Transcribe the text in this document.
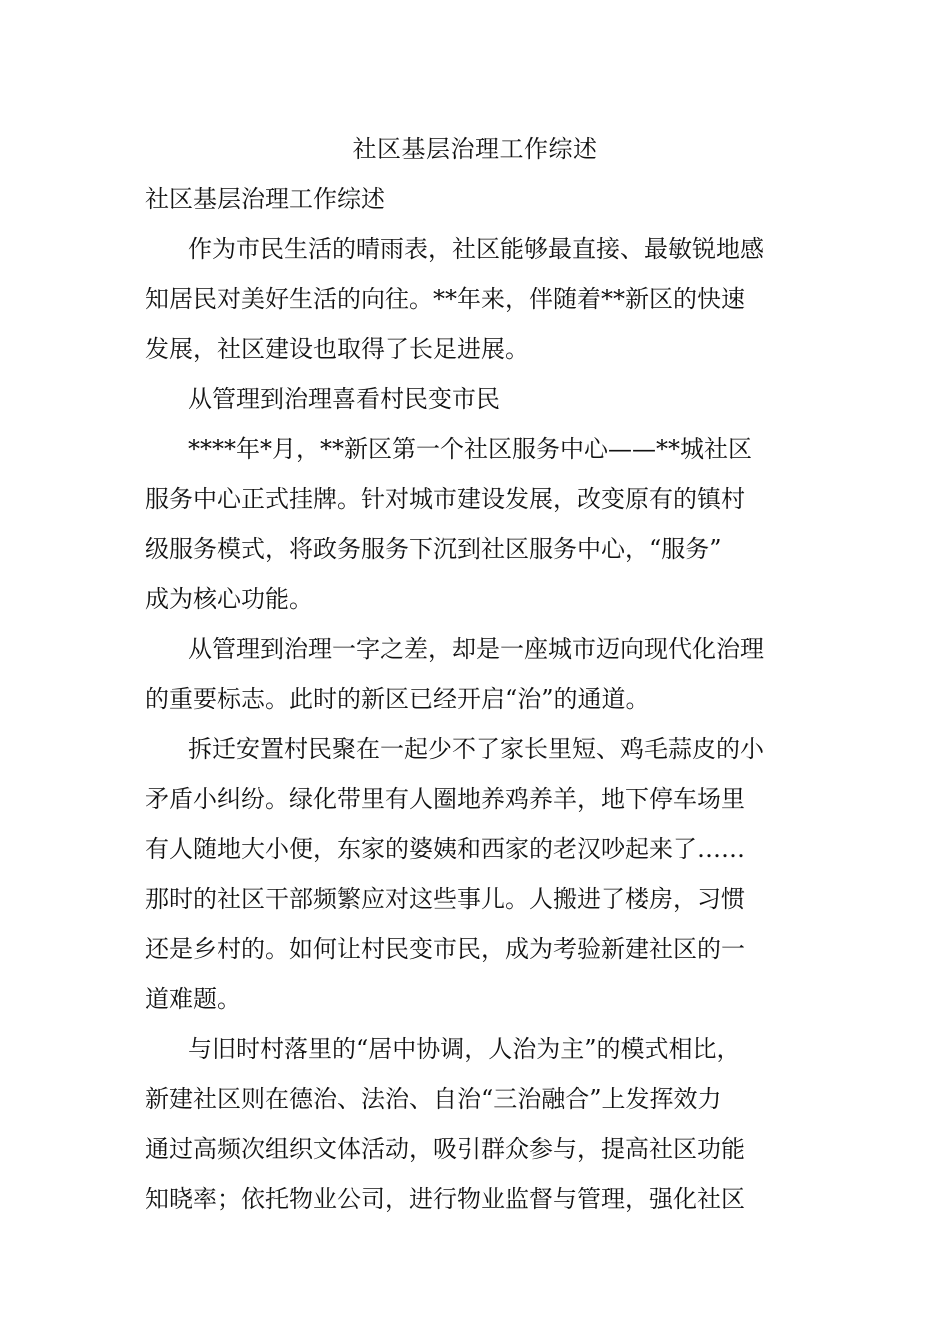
社区基层治理工作综述
社区基层治理工作综述
作为市民生活的晴雨表，社区能够最直接、最敏锐地感
知居民对美好生活的向往。**年来，伴随着**新区的快速
发展，社区建设也取得了长足进展。
从管理到治理喜看村民变市民
****年*月，**新区第一个社区服务中心——**城社区
服务中心正式挂牌。针对城市建设发展，改变原有的镇村
级服务模式，将政务服务下沉到社区服务中心，“服务”
成为核心功能。
从管理到治理一字之差，却是一座城市迈向现代化治理
的重要标志。此时的新区已经开启“治”的通道。
拆迁安置村民聚在一起少不了家长里短、鸡毛蒜皮的小
矛盾小纠纷。绿化带里有人圈地养鸡养羊，地下停车场里
有人随地大小便，东家的婆姨和西家的老汉吵起来了……
那时的社区干部频繁应对这些事儿。人搬进了楼房，习惯
还是乡村的。如何让村民变市民，成为考验新建社区的一
道难题。
与旧时村落里的“居中协调，人治为主”的模式相比，
新建社区则在德治、法治、自治“三治融合”上发挥效力
通过高频次组织文体活动，吸引群众参与，提高社区功能
知晓率；依托物业公司，进行物业监督与管理，强化社区
